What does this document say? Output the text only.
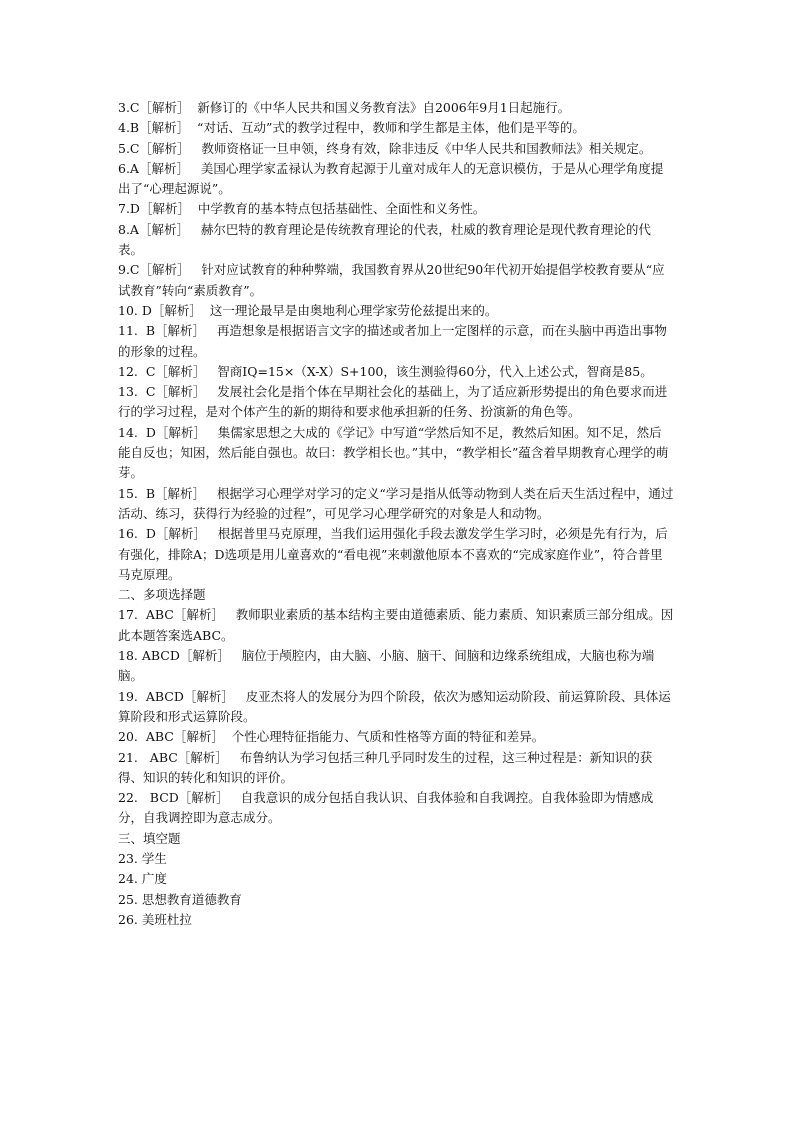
3.C［解析］  新修订的《中华人民共和国义务教育法》自2006年9月1日起施行。
4.B［解析］  “对话、互动”式的教学过程中，教师和学生都是主体，他们是平等的。
5.C［解析］   教师资格证一旦申领，终身有效，除非违反《中华人民共和国教师法》相关规定。
6.A［解析］   美国心理学家孟禄认为教育起源于儿童对成年人的无意识模仿，于是从心理学角度提出了“心理起源说”。
7.D［解析］  中学教育的基本特点包括基础性、全面性和义务性。
8.A［解析］   赫尔巴特的教育理论是传统教育理论的代表，杜威的教育理论是现代教育理论的代表。
9.C［解析］   针对应试教育的种种弊端，我国教育界从20世纪90年代初开始提倡学校教育要从“应试教育”转向“素质教育”。
10. D［解析］  这一理论最早是由奥地利心理学家劳伦兹提出来的。
11.  B［解析］   再造想象是根据语言文字的描述或者加上一定图样的示意，而在头脑中再造出事物的形象的过程。
12.  C［解析］   智商IQ=15×（X-X）S+100，该生测验得60分，代入上述公式，智商是85。
13.  C［解析］   发展社会化是指个体在早期社会化的基础上，为了适应新形势提出的角色要求而进行的学习过程，是对个体产生的新的期待和要求他承担新的任务、扮演新的角色等。
14.  D［解析］   集儒家思想之大成的《学记》中写道“学然后知不足，教然后知困。知不足，然后能自反也；知困，然后能自强也。故曰：教学相长也。”其中，“教学相长”蕴含着早期教育心理学的萌芽。
15.  B［解析］   根据学习心理学对学习的定义“学习是指从低等动物到人类在后天生活过程中，通过活动、练习，获得行为经验的过程”，可见学习心理学研究的对象是人和动物。
16.  D［解析］   根据普里马克原理，当我们运用强化手段去激发学生学习时，必须是先有行为，后有强化，排除A；D选项是用儿童喜欢的“看电视”来刺激他原本不喜欢的“完成家庭作业”，符合普里马克原理。
二、多项选择题
17.  ABC［解析］   教师职业素质的基本结构主要由道德素质、能力素质、知识素质三部分组成。因此本题答案选ABC。
18. ABCD［解析］   脑位于颅腔内，由大脑、小脑、脑干、间脑和边缘系统组成，大脑也称为端脑。
19.  ABCD［解析］   皮亚杰将人的发展分为四个阶段，依次为感知运动阶段、前运算阶段、具体运算阶段和形式运算阶段。
20.  ABC［解析］  个性心理特征指能力、气质和性格等方面的特征和差异。
21.   ABC［解析］   布鲁纳认为学习包括三种几乎同时发生的过程，这三种过程是：新知识的获得、知识的转化和知识的评价。
22.   BCD［解析］   自我意识的成分包括自我认识、自我体验和自我调控。自我体验即为情感成分，自我调控即为意志成分。
三、填空题
23. 学生
24. 广度
25. 思想教育道德教育
26. 美班杜拉
